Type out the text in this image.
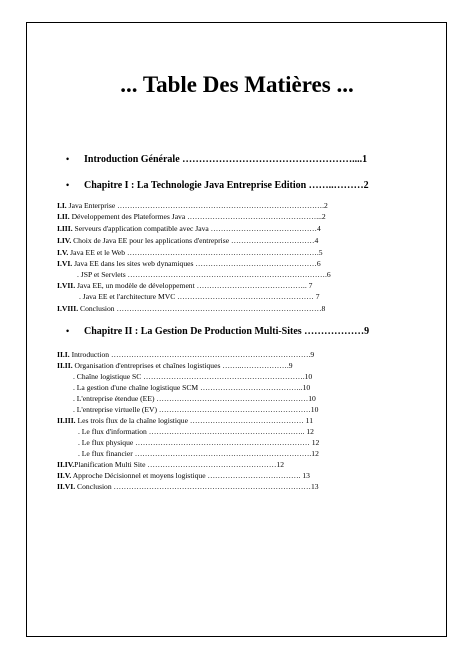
... Table Des Matières ...
• Introduction Générale ……………………………………………....1
• Chapitre I : La Technologie Java Entreprise Edition ……..………2
I.I. Java Enterprise ……………………………………………………………………….2
I.II. Développement des Plateformes Java ……………………………………………...2
I.III. Serveurs d'application compatible avec Java ……………………………………4
I.IV. Choix de Java EE pour les applications d'entreprise ……………………………4
I.V. Java EE et le Web ………………………………………………………………….5
I.VI. Java EE dans les sites web dynamiques …………………………………………6
. JSP et Servlets …………………………………………………………………….6
I.VII. Java EE, un modèle de développement …………………………………….. 7
. Java EE et l'architecture MVC ……………………………………………… 7
I.VIII. Conclusion ………………………………………………………………………8
• Chapitre II : La Gestion De Production Multi-Sites ………………9
II.I. Introduction …………………………………………………………………….9
II.II. Organisation d'entreprises et chaînes logistiques ……..……………….9
. Chaîne logistique SC ……………………………………………………….10
. La gestion d'une chaîne logistique SCM …………………………………..10
. L'entreprise étendue (EE) ……………………………………………………10
. L'entreprise virtuelle (EV) ……………………………………………………10
II.III. Les trois flux de la chaîne logistique ……………………………………… 11
. Le flux d'information …………………………………………………….. 12
. Le flux physique …………………………………………………………… 12
. Le flux financier …………………………………………………………….12
II.IV.Planification Multi Site ……………………………………………12
II.V. Approche Décisionnel et moyens logistique ………………………………. 13
II.VI. Conclusion ……………………………………………………………………13
